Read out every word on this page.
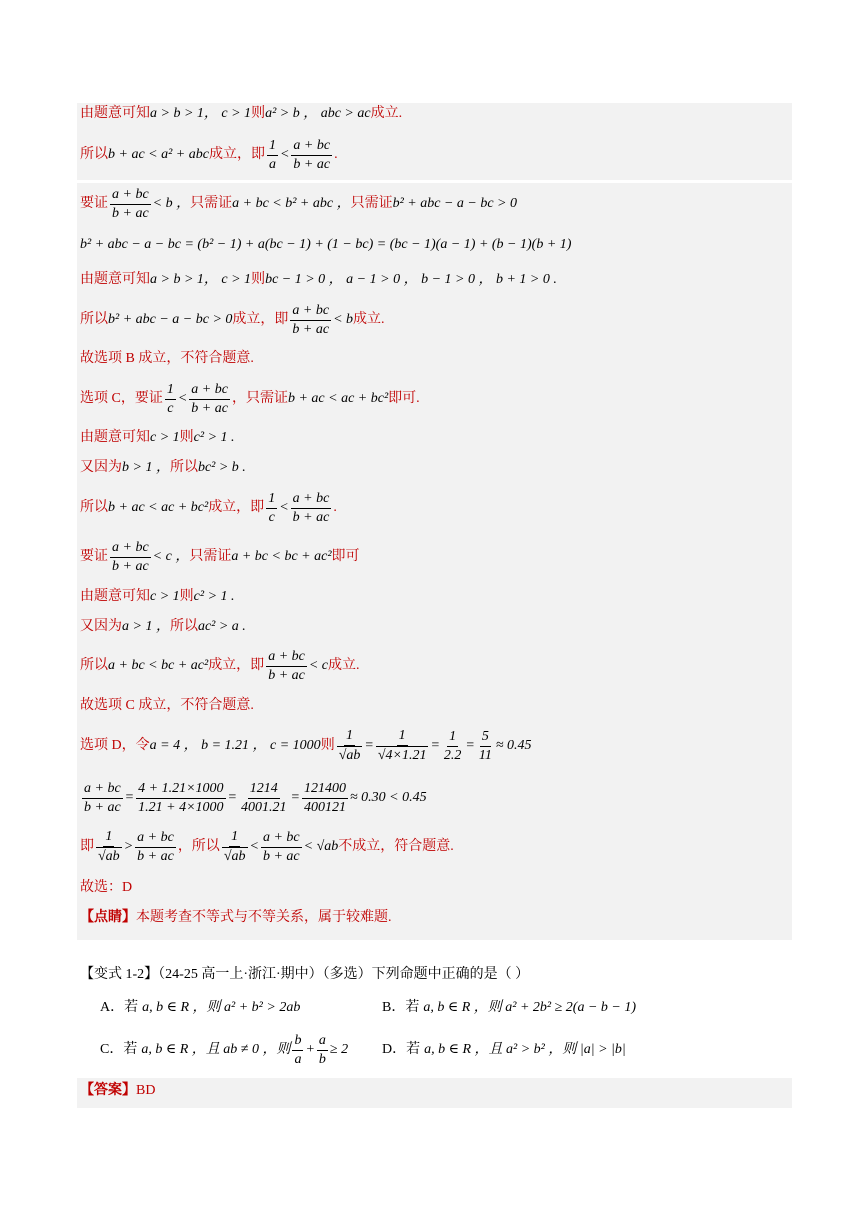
由题意可知 a > b > 1， c > 1 则 a² > b ， abc > ac 成立.
所以 b + ac < a² + abc 成立，即 $\frac{1}{a} < \frac{a + bc}{b + ac}$ .
要证 $\frac{a + bc}{b + ac} < b$ ， 只需证 a + bc < b² + abc ， 只需证 b² + abc − a − bc > 0
b² + abc − a − bc = (b² − 1) + a(bc − 1) + (1 − bc) = (bc − 1)(a − 1) + (b − 1)(b + 1)
由题意可知 a > b > 1， c > 1 则 bc − 1 > 0 ， a − 1 > 0 ， b − 1 > 0 ， b + 1 > 0 .
所以 b² + abc − a − bc > 0 成立，即 $\frac{a + bc}{b + ac} < b$ 成立.
故选项 B 成立，不符合题意.
选项 C，要证 $\frac{1}{c} < \frac{a + bc}{b + ac}$ ，只需证 b + ac < ac + bc² 即可.
由题意可知 c > 1 则 c² > 1 .
又因为 b > 1 ， 所以 bc² > b .
所以 b + ac < ac + bc² 成立，即 $\frac{1}{c} < \frac{a + bc}{b + ac}$ .
要证 $\frac{a + bc}{b + ac} < c$ ， 只需证 a + bc < bc + ac² 即可
由题意可知 c > 1 则 c² > 1 .
又因为 a > 1 ， 所以 ac² > a .
所以 a + bc < bc + ac² 成立，即 $\frac{a + bc}{b + ac} < c$ 成立.
故选项 C 成立，不符合题意.
选项 D，令 a = 4 ， b = 1.21 ， c = 1000 则 $\frac{1}{√ab} = \frac{1}{√4\times 1.21} = \frac{1}{2.2} = \frac{5}{11} \approx 0.45$
$\frac{a + bc}{b + ac} = \frac{4 + 1.21\times 1000}{1.21 + 4\times 1000} = \frac{1214}{4001.21} = \frac{121400}{400121} \approx 0.30 < 0.45$
即 $\frac{1}{√ab} > \frac{a + bc}{b + ac}$ ，所以 $\frac{1}{√ab} < \frac{a + bc}{b + ac} < √ab$ 不成立，符合题意.
故选：D
【点睛】 本题考查不等式与不等关系，属于较难题.
【变式 1-2】（24-25 高一上·浙江·期中）（多选）下列命题中正确的是（ ）
A．若 a, b ∈ R ，则 a² + b² > 2ab	B．若 a, b ∈ R ，则 a² + 2b² ≥ 2(a − b − 1)
C．若 a, b ∈ R ，且 ab ≠ 0 ，则 $\frac{b}{a} + \frac{a}{b} \ge 2$ D．若 a, b ∈ R ，且 a² > b² ，则 |a| > |b|
【答案】 BD
